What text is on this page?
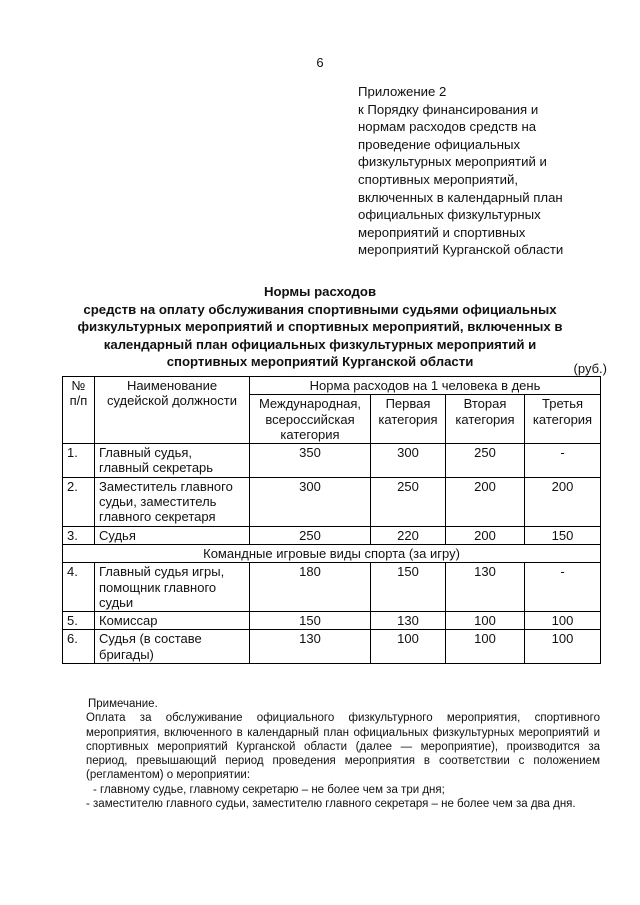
6
Приложение 2
к Порядку финансирования и
нормам расходов средств на
проведение официальных
физкультурных мероприятий и
спортивных мероприятий,
включенных в календарный план
официальных физкультурных
мероприятий и спортивных
мероприятий Курганской области
Нормы расходов
средств на оплату обслуживания спортивными судьями официальных
физкультурных мероприятий и спортивных мероприятий, включенных в
календарный план официальных физкультурных мероприятий и
спортивных мероприятий Курганской области	(руб.)
№ п/п	Наименование судейской должности	Норма расходов на 1 человека в день			
		Международная, всероссийская категория	Первая категория	Вторая категория	Третья категория
1.	Главный судья, главный секретарь	350	300	250	-
2.	Заместитель главного судьи, заместитель главного секретаря	300	250	200	200
3.	Судья	250	220	200	150
Командные игровые виды спорта (за игру)					
4.	Главный судья игры, помощник главного судьи	180	150	130	-
5.	Комиссар	150	130	100	100
6.	Судья (в составе бригады)	130	100	100	100

Примечание.

Оплата за обслуживание официального физкультурного мероприятия, спортивного мероприятия, включенного в календарный план официальных физкультурных мероприятий и спортивных мероприятий Курганской области (далее — мероприятие), производится за период, превышающий период проведения мероприятия в соответствии с положением (регламентом) о мероприятии:

- главному судье, главному секретарю – не более чем за три дня;

- заместителю главного судьи, заместителю главного секретаря – не более чем за два дня.
